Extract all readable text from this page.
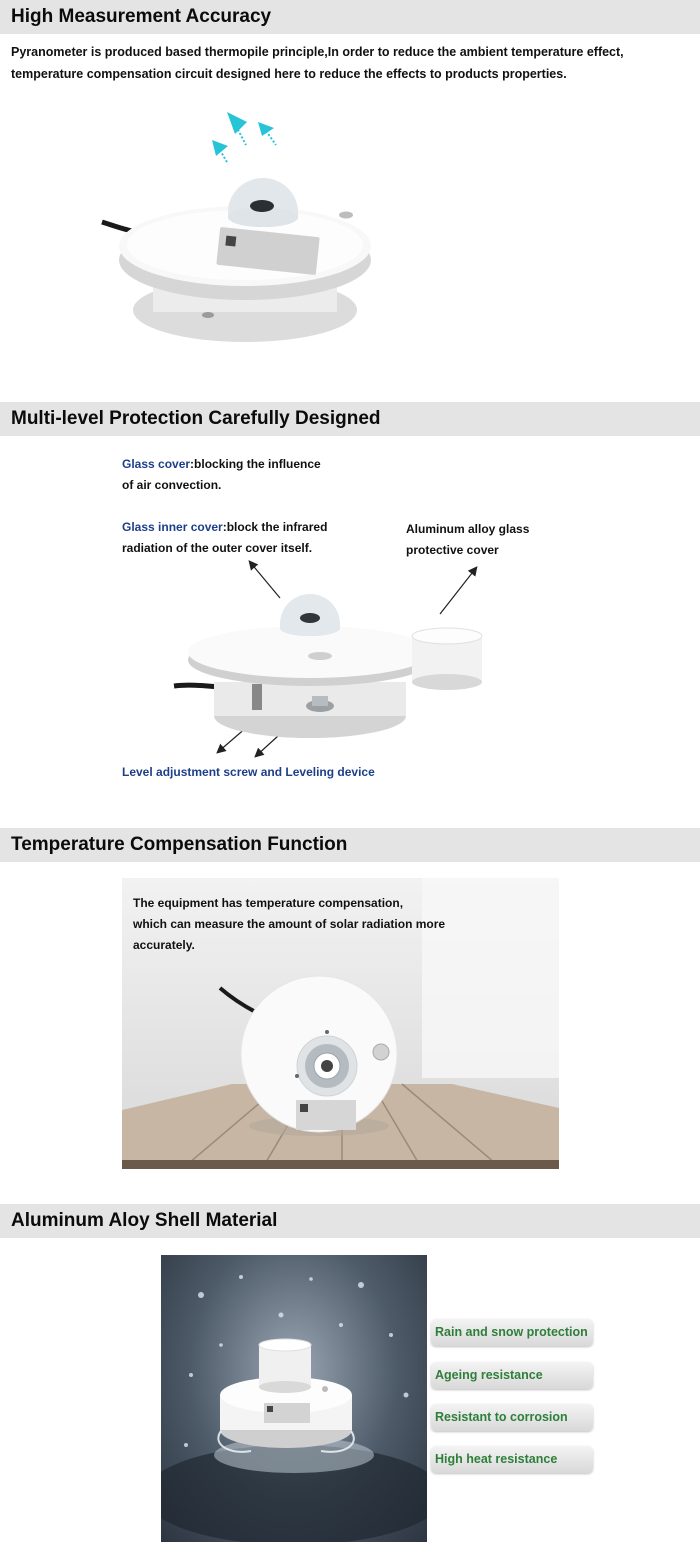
High Measurement Accuracy
Pyranometer is produced based thermopile principle,In order to reduce the ambient temperature effect,
temperature compensation circuit designed here to reduce the effects to products properties.
Multi-level Protection Carefully Designed
Glass cover:blocking the influence
of air convection.
Glass inner cover:block the infrared
radiation of the outer cover itself.
Aluminum alloy glass
protective cover
Level adjustment screw and Leveling device
Temperature Compensation Function
The equipment has temperature compensation,
which can measure the amount of solar radiation more
accurately.
Aluminum Aloy Shell Material
Rain and snow protection
Ageing resistance
Resistant to corrosion
High heat resistance
